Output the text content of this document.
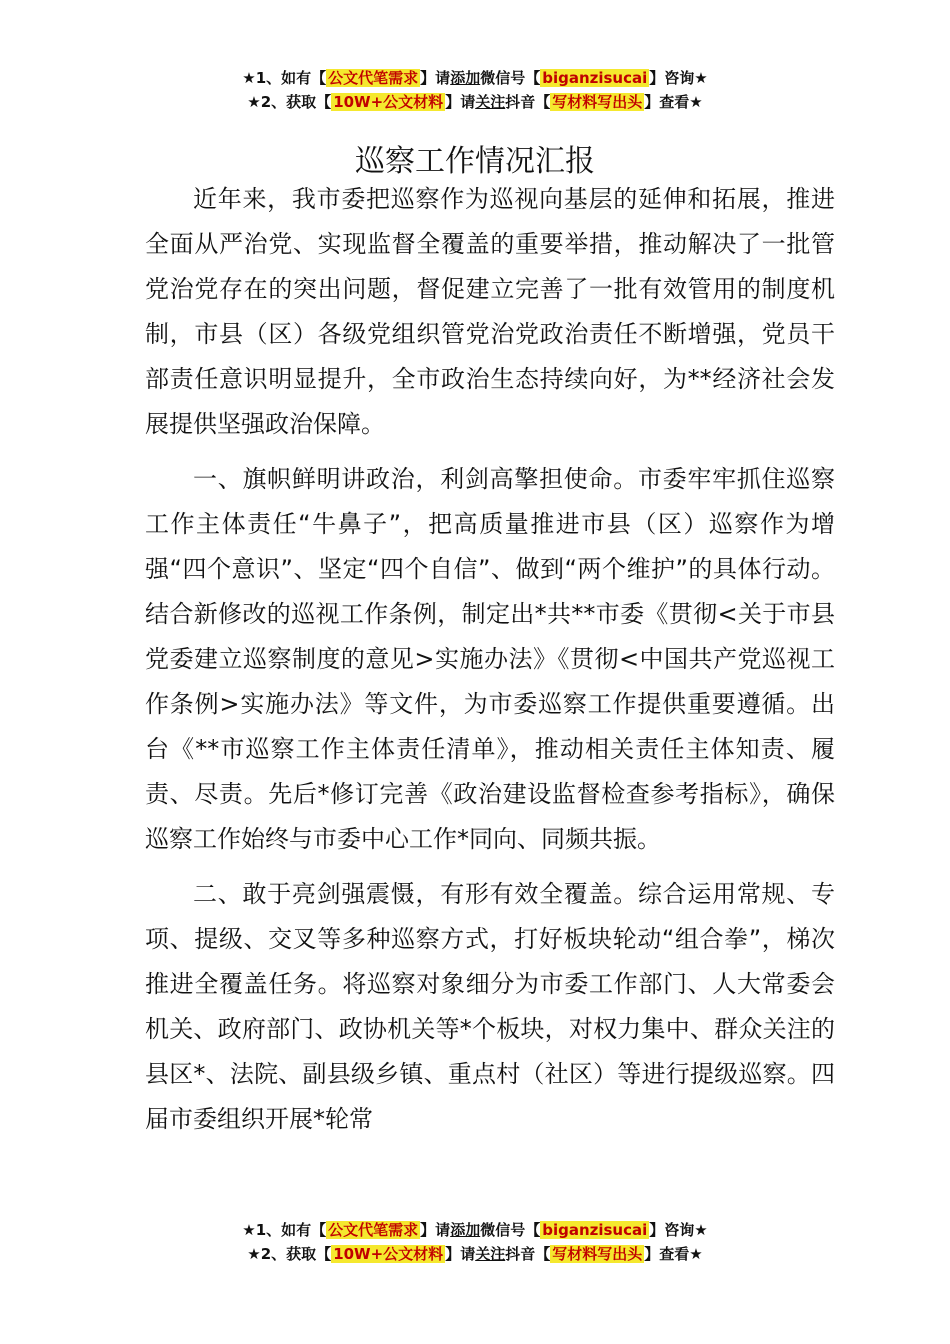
★1、如有【 公文代笔需求 】请添加微信号【 biganzisucai 】咨询★
★2、获取【 10W+公文材料 】请关注抖音【 写材料写出头 】查看★
巡察工作情况汇报

近年来，我市委把巡察作为巡视向基层的延伸和拓展，推进全面从严治党、实现监督全覆盖的重要举措，推动解决了一批管党治党存在的突出问题，督促建立完善了一批有效管用的制度机制，市县（区）各级党组织管党治党政治责任不断增强，党员干部责任意识明显提升，全市政治生态持续向好，为**经济社会发展提供坚强政治保障。

一、旗帜鲜明讲政治，利剑高擎担使命。市委牢牢抓住巡察工作主体责任“牛鼻子”，把高质量推进市县（区）巡察作为增强“四个意识”、坚定“四个自信”、做到“两个维护”的具体行动。结合新修改的巡视工作条例，制定出*共**市委《贯彻<关于市县党委建立巡察制度的意见>实施办法》《贯彻<中国共产党巡视工作条例>实施办法》等文件，为市委巡察工作提供重要遵循。出台《**市巡察工作主体责任清单》，推动相关责任主体知责、履责、尽责。先后*修订完善《政治建设监督检查参考指标》，确保巡察工作始终与市委中心工作*同向、同频共振。

二、敢于亮剑强震慑，有形有效全覆盖。综合运用常规、专项、提级、交叉等多种巡察方式，打好板块轮动“组合拳”，梯次推进全覆盖任务。将巡察对象细分为市委工作部门、人大常委会机关、政府部门、政协机关等*个板块，对权力集中、群众关注的县区*、法院、副县级乡镇、重点村（社区）等进行提级巡察。四届市委组织开展*轮常

★1、如有【 公文代笔需求 】请添加微信号【 biganzisucai 】咨询★
★2、获取【 10W+公文材料 】请关注抖音【 写材料写出头 】查看★
